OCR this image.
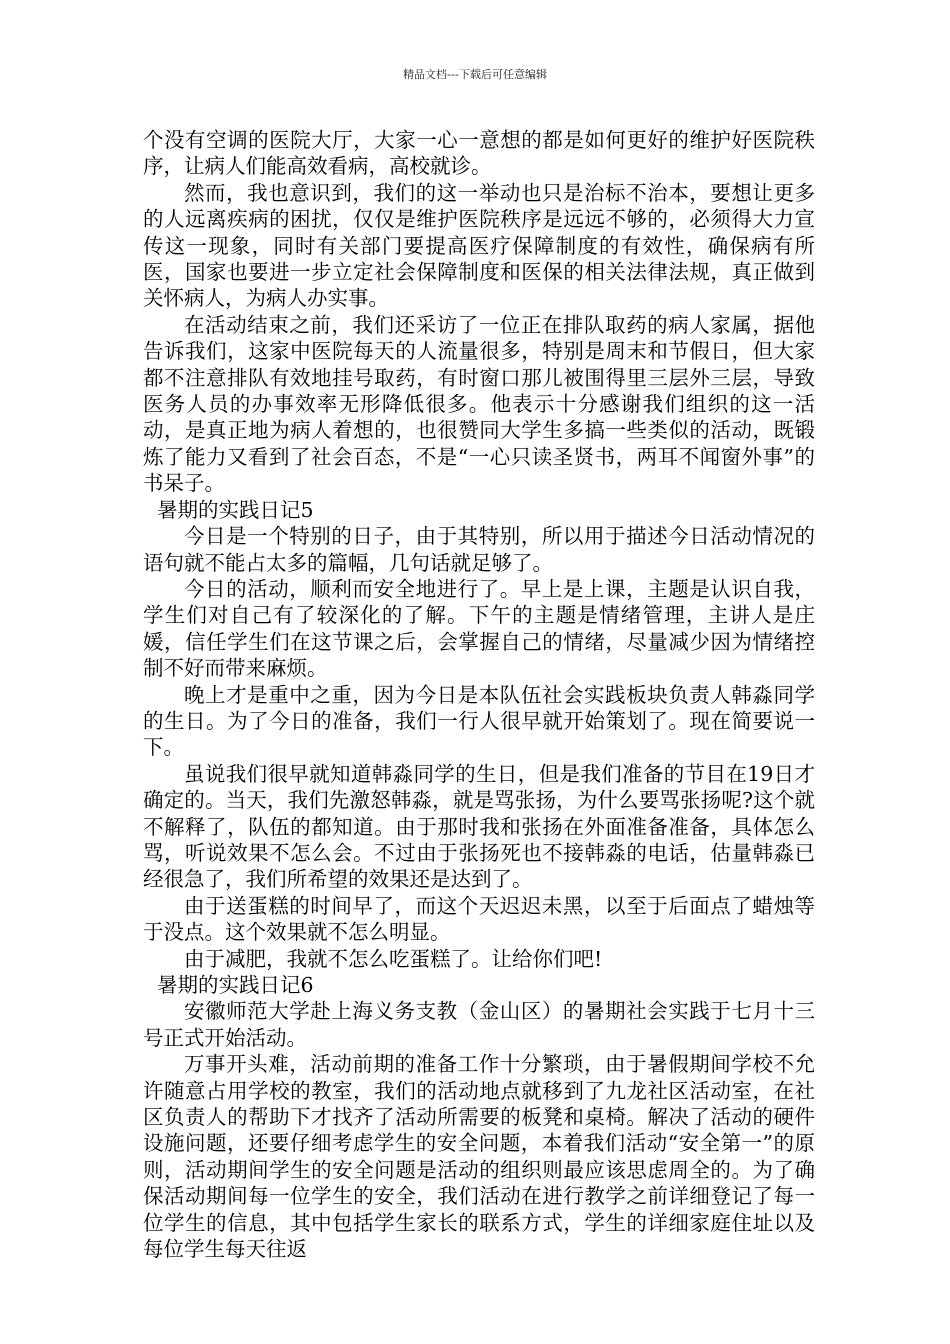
精品文档---下载后可任意编辑

个没有空调的医院大厅，大家一心一意想的都是如何更好的维护好医院秩序，让病人们能高效看病，高校就诊。

然而，我也意识到，我们的这一举动也只是治标不治本，要想让更多的人远离疾病的困扰，仅仅是维护医院秩序是远远不够的，必须得大力宣传这一现象，同时有关部门要提高医疗保障制度的有效性，确保病有所医，国家也要进一步立定社会保障制度和医保的相关法律法规，真正做到关怀病人，为病人办实事。

在活动结束之前，我们还采访了一位正在排队取药的病人家属，据他告诉我们，这家中医院每天的人流量很多，特别是周末和节假日，但大家都不注意排队有效地挂号取药，有时窗口那儿被围得里三层外三层，导致医务人员的办事效率无形降低很多。他表示十分感谢我们组织的这一活动，是真正地为病人着想的，也很赞同大学生多搞一些类似的活动，既锻炼了能力又看到了社会百态，不是“一心只读圣贤书，两耳不闻窗外事”的书呆子。

暑期的实践日记5

今日是一个特别的日子，由于其特别，所以用于描述今日活动情况的语句就不能占太多的篇幅，几句话就足够了。

今日的活动，顺利而安全地进行了。早上是上课，主题是认识自我，学生们对自己有了较深化的了解。下午的主题是情绪管理，主讲人是庄媛，信任学生们在这节课之后，会掌握自己的情绪，尽量减少因为情绪控制不好而带来麻烦。

晚上才是重中之重，因为今日是本队伍社会实践板块负责人韩淼同学的生日。为了今日的准备，我们一行人很早就开始策划了。现在简要说一下。

虽说我们很早就知道韩淼同学的生日，但是我们准备的节目在19日才确定的。当天，我们先激怒韩淼，就是骂张扬，为什么要骂张扬呢?这个就不解释了，队伍的都知道。由于那时我和张扬在外面准备准备，具体怎么骂，听说效果不怎么会。不过由于张扬死也不接韩淼的电话，估量韩淼已经很急了，我们所希望的效果还是达到了。

由于送蛋糕的时间早了，而这个天迟迟未黑，以至于后面点了蜡烛等于没点。这个效果就不怎么明显。

由于减肥，我就不怎么吃蛋糕了。让给你们吧!

暑期的实践日记6

安徽师范大学赴上海义务支教（金山区）的暑期社会实践于七月十三号正式开始活动。

万事开头难，活动前期的准备工作十分繁琐，由于暑假期间学校不允许随意占用学校的教室，我们的活动地点就移到了九龙社区活动室，在社区负责人的帮助下才找齐了活动所需要的板凳和桌椅。解决了活动的硬件设施问题，还要仔细考虑学生的安全问题，本着我们活动“安全第一”的原则，活动期间学生的安全问题是活动的组织则最应该思虑周全的。为了确保活动期间每一位学生的安全，我们活动在进行教学之前详细登记了每一位学生的信息，其中包括学生家长的联系方式，学生的详细家庭住址以及每位学生每天往返
